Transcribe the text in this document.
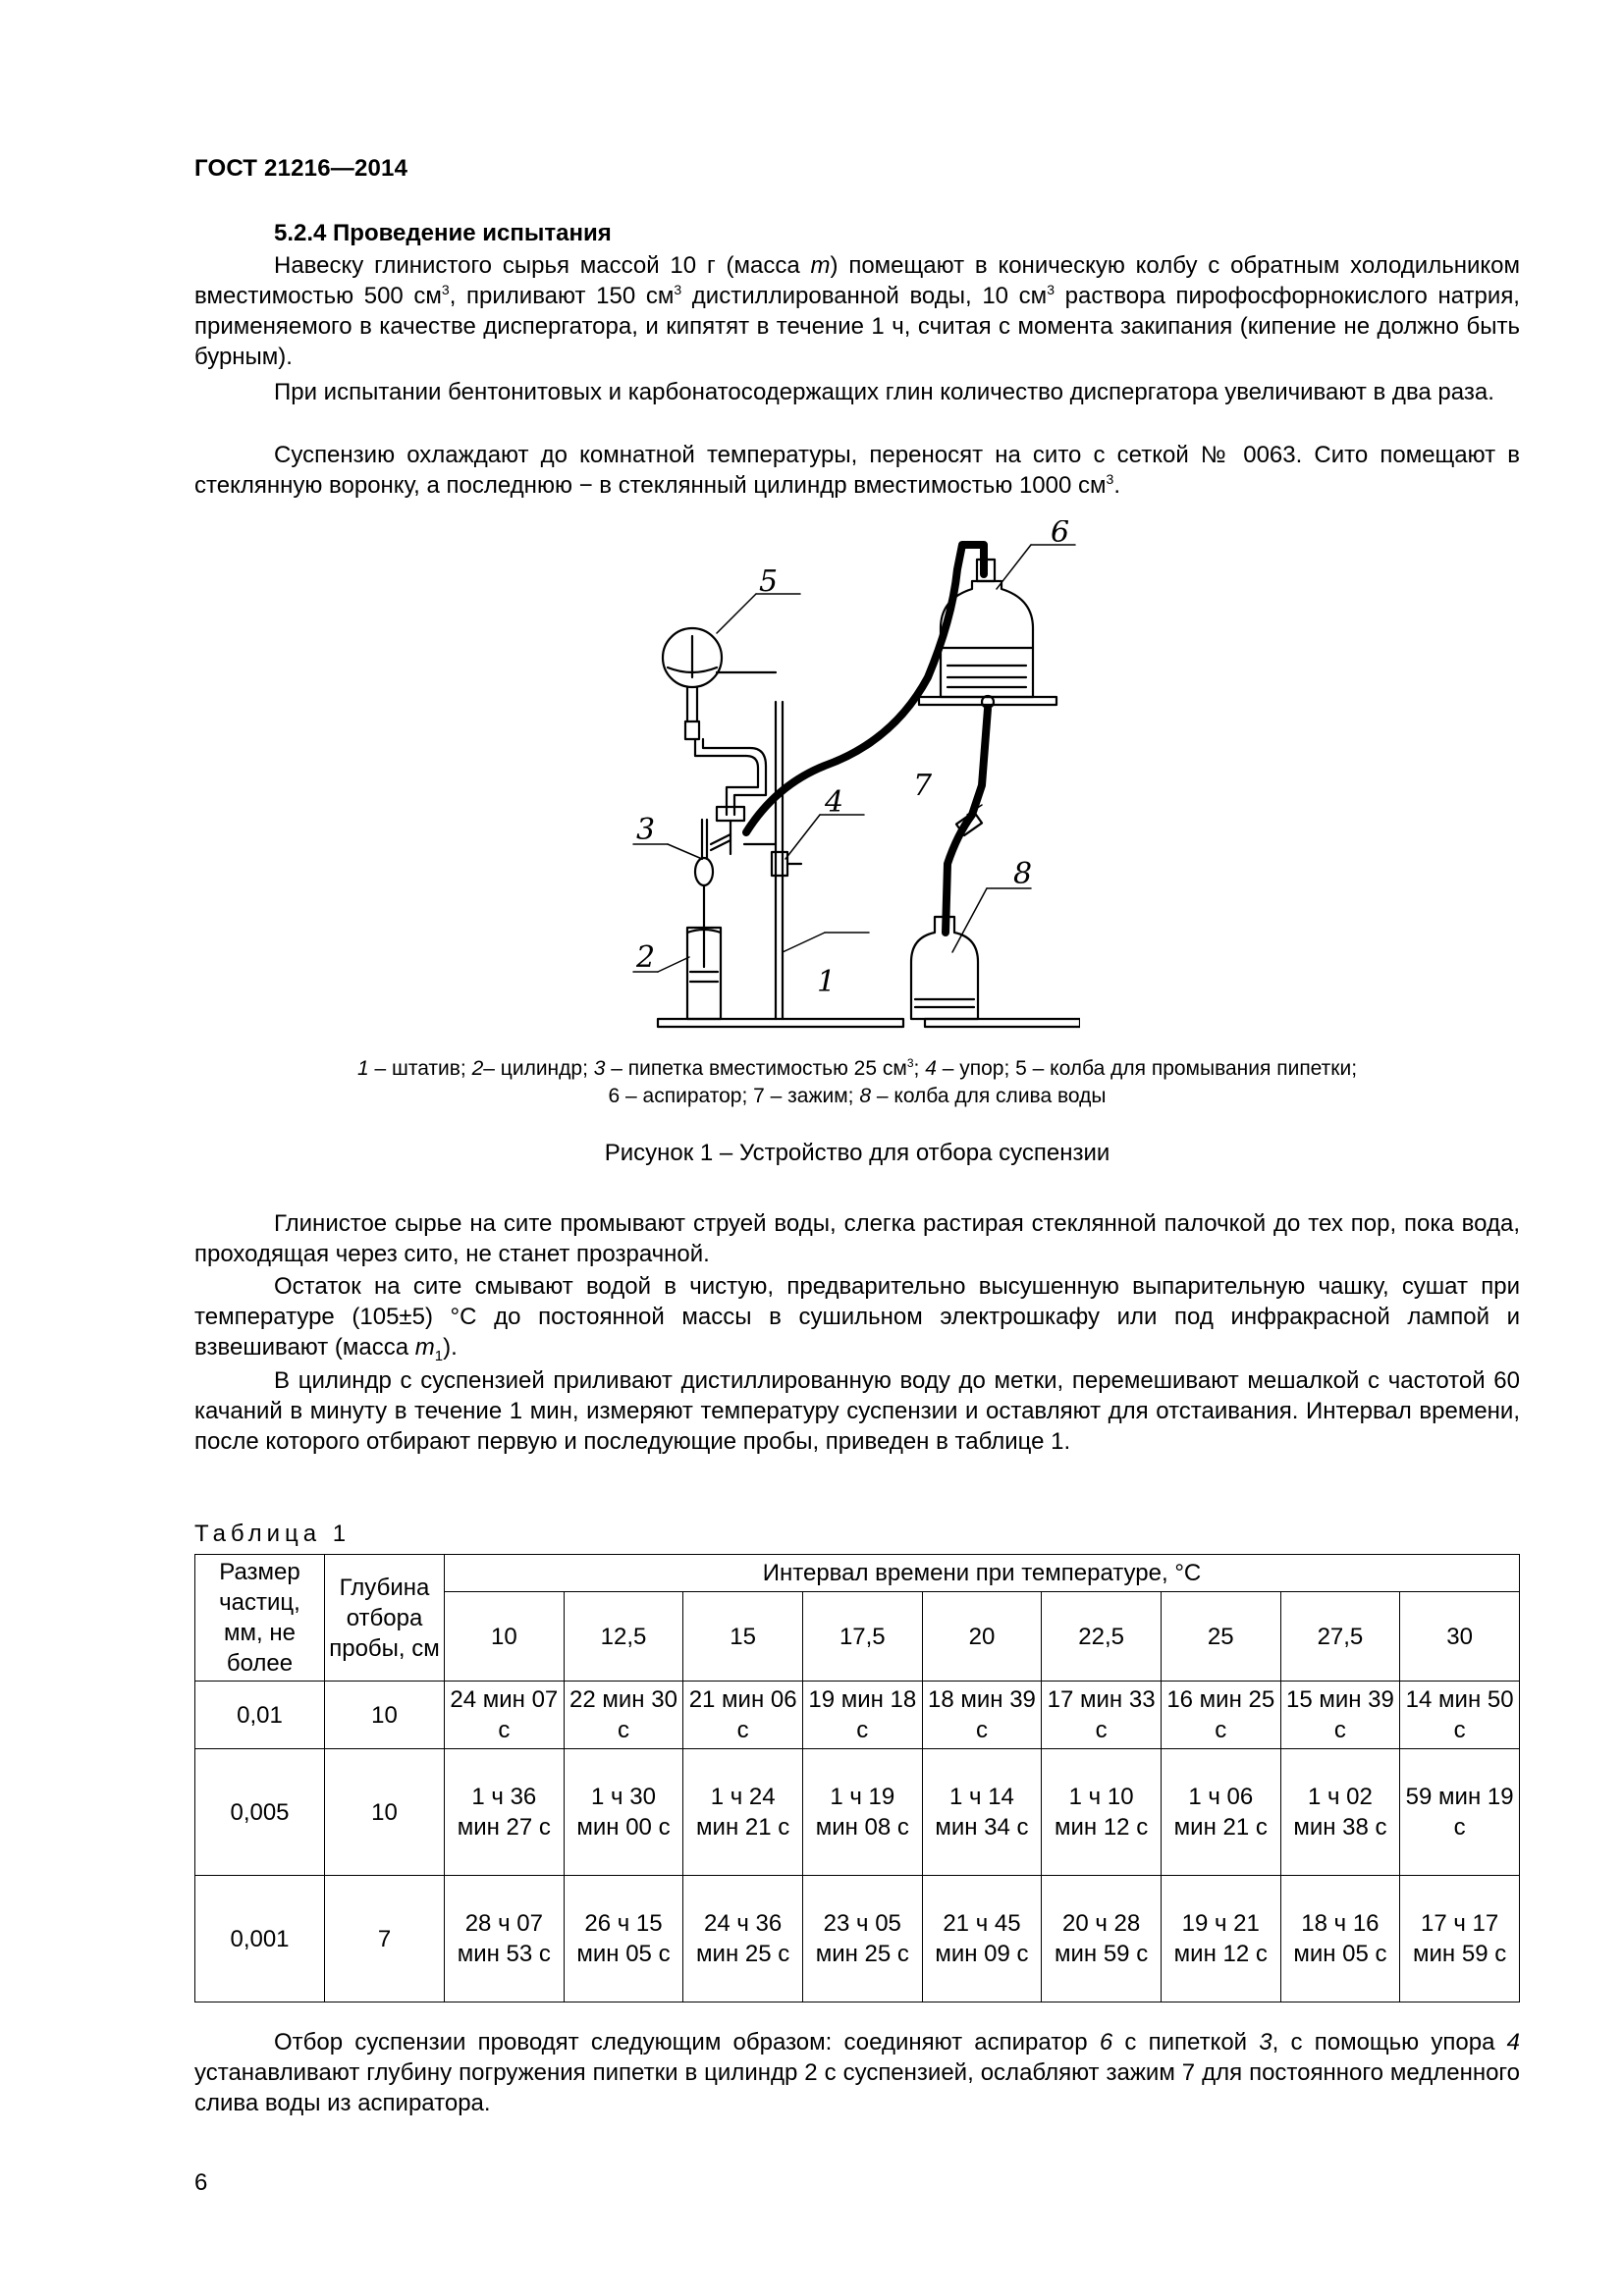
ГОСТ 21216—2014
5.2.4 Проведение испытания

Навеску глинистого сырья массой 10 г (масса m) помещают в коническую колбу с обратным холодильником вместимостью 500 $см^3$, приливают 150 $см^3$ дистиллированной воды, 10 $см^3$ раствора пирофосфорнокислого натрия, применяемого в качестве диспергатора, и кипятят в течение 1 ч, считая с момента закипания (кипение не должно быть бурным).

При испытании бентонитовых и карбонатосодержащих глин количество диспергатора увеличивают в два раза.

Суспензию охлаждают до комнатной температуры, переносят на сито с сеткой № 0063. Сито помещают в стеклянную воронку, а последнюю − в стеклянный цилиндр вместимостью 1000 $см^3$.

1
2
3
4
5
6
7
8
1 – штатив; 2– цилиндр; 3 – пипетка вместимостью 25 $см^3$; 4 – упор; 5 – колба для промывания пипетки;
6 – аспиратор; 7 – зажим; 8 – колба для слива воды
Рисунок 1 – Устройство для отбора суспензии

Глинистое сырье на сите промывают струей воды, слегка растирая стеклянной палочкой до тех пор, пока вода, проходящая через сито, не станет прозрачной.

Остаток на сите смывают водой в чистую, предварительно высушенную выпарительную чашку, сушат при температуре (105±5) °С до постоянной массы в сушильном электрошкафу или под инфракрасной лампой и взвешивают (масса $m_1$).

В цилиндр с суспензией приливают дистиллированную воду до метки, перемешивают мешалкой с частотой 60 качаний в минуту в течение 1 мин, измеряют температуру суспензии и оставляют для отстаивания. Интервал времени, после которого отбирают первую и последующие пробы, приведен в таблице 1.

Таблица 1
Размер частиц, мм, не более	Глубина отбора пробы, см	Интервал времени при температуре, °С								
		10	12,5	15	17,5	20	22,5	25	27,5	30
0,01	10	24 мин 07 с	22 мин 30 с	21 мин 06 с	19 мин 18 с	18 мин 39 с	17 мин 33 с	16 мин 25 с	15 мин 39 с	14 мин 50 с
0,005	10	1 ч 36 мин 27 с	1 ч 30 мин 00 с	1 ч 24 мин 21 с	1 ч 19 мин 08 с	1 ч 14 мин 34 с	1 ч 10 мин 12 с	1 ч 06 мин 21 с	1 ч 02 мин 38 с	59 мин 19 с
0,001	7	28 ч 07 мин 53 с	26 ч 15 мин 05 с	24 ч 36 мин 25 с	23 ч 05 мин 25 с	21 ч 45 мин 09 с	20 ч 28 мин 59 с	19 ч 21 мин 12 с	18 ч 16 мин 05 с	17 ч 17 мин 59 с
Отбор суспензии проводят следующим образом: соединяют аспиратор 6 с пипеткой 3, с помощью упора 4 устанавливают глубину погружения пипетки в цилиндр 2 с суспензией, ослабляют зажим 7 для постоянного медленного слива воды из аспиратора.
6
